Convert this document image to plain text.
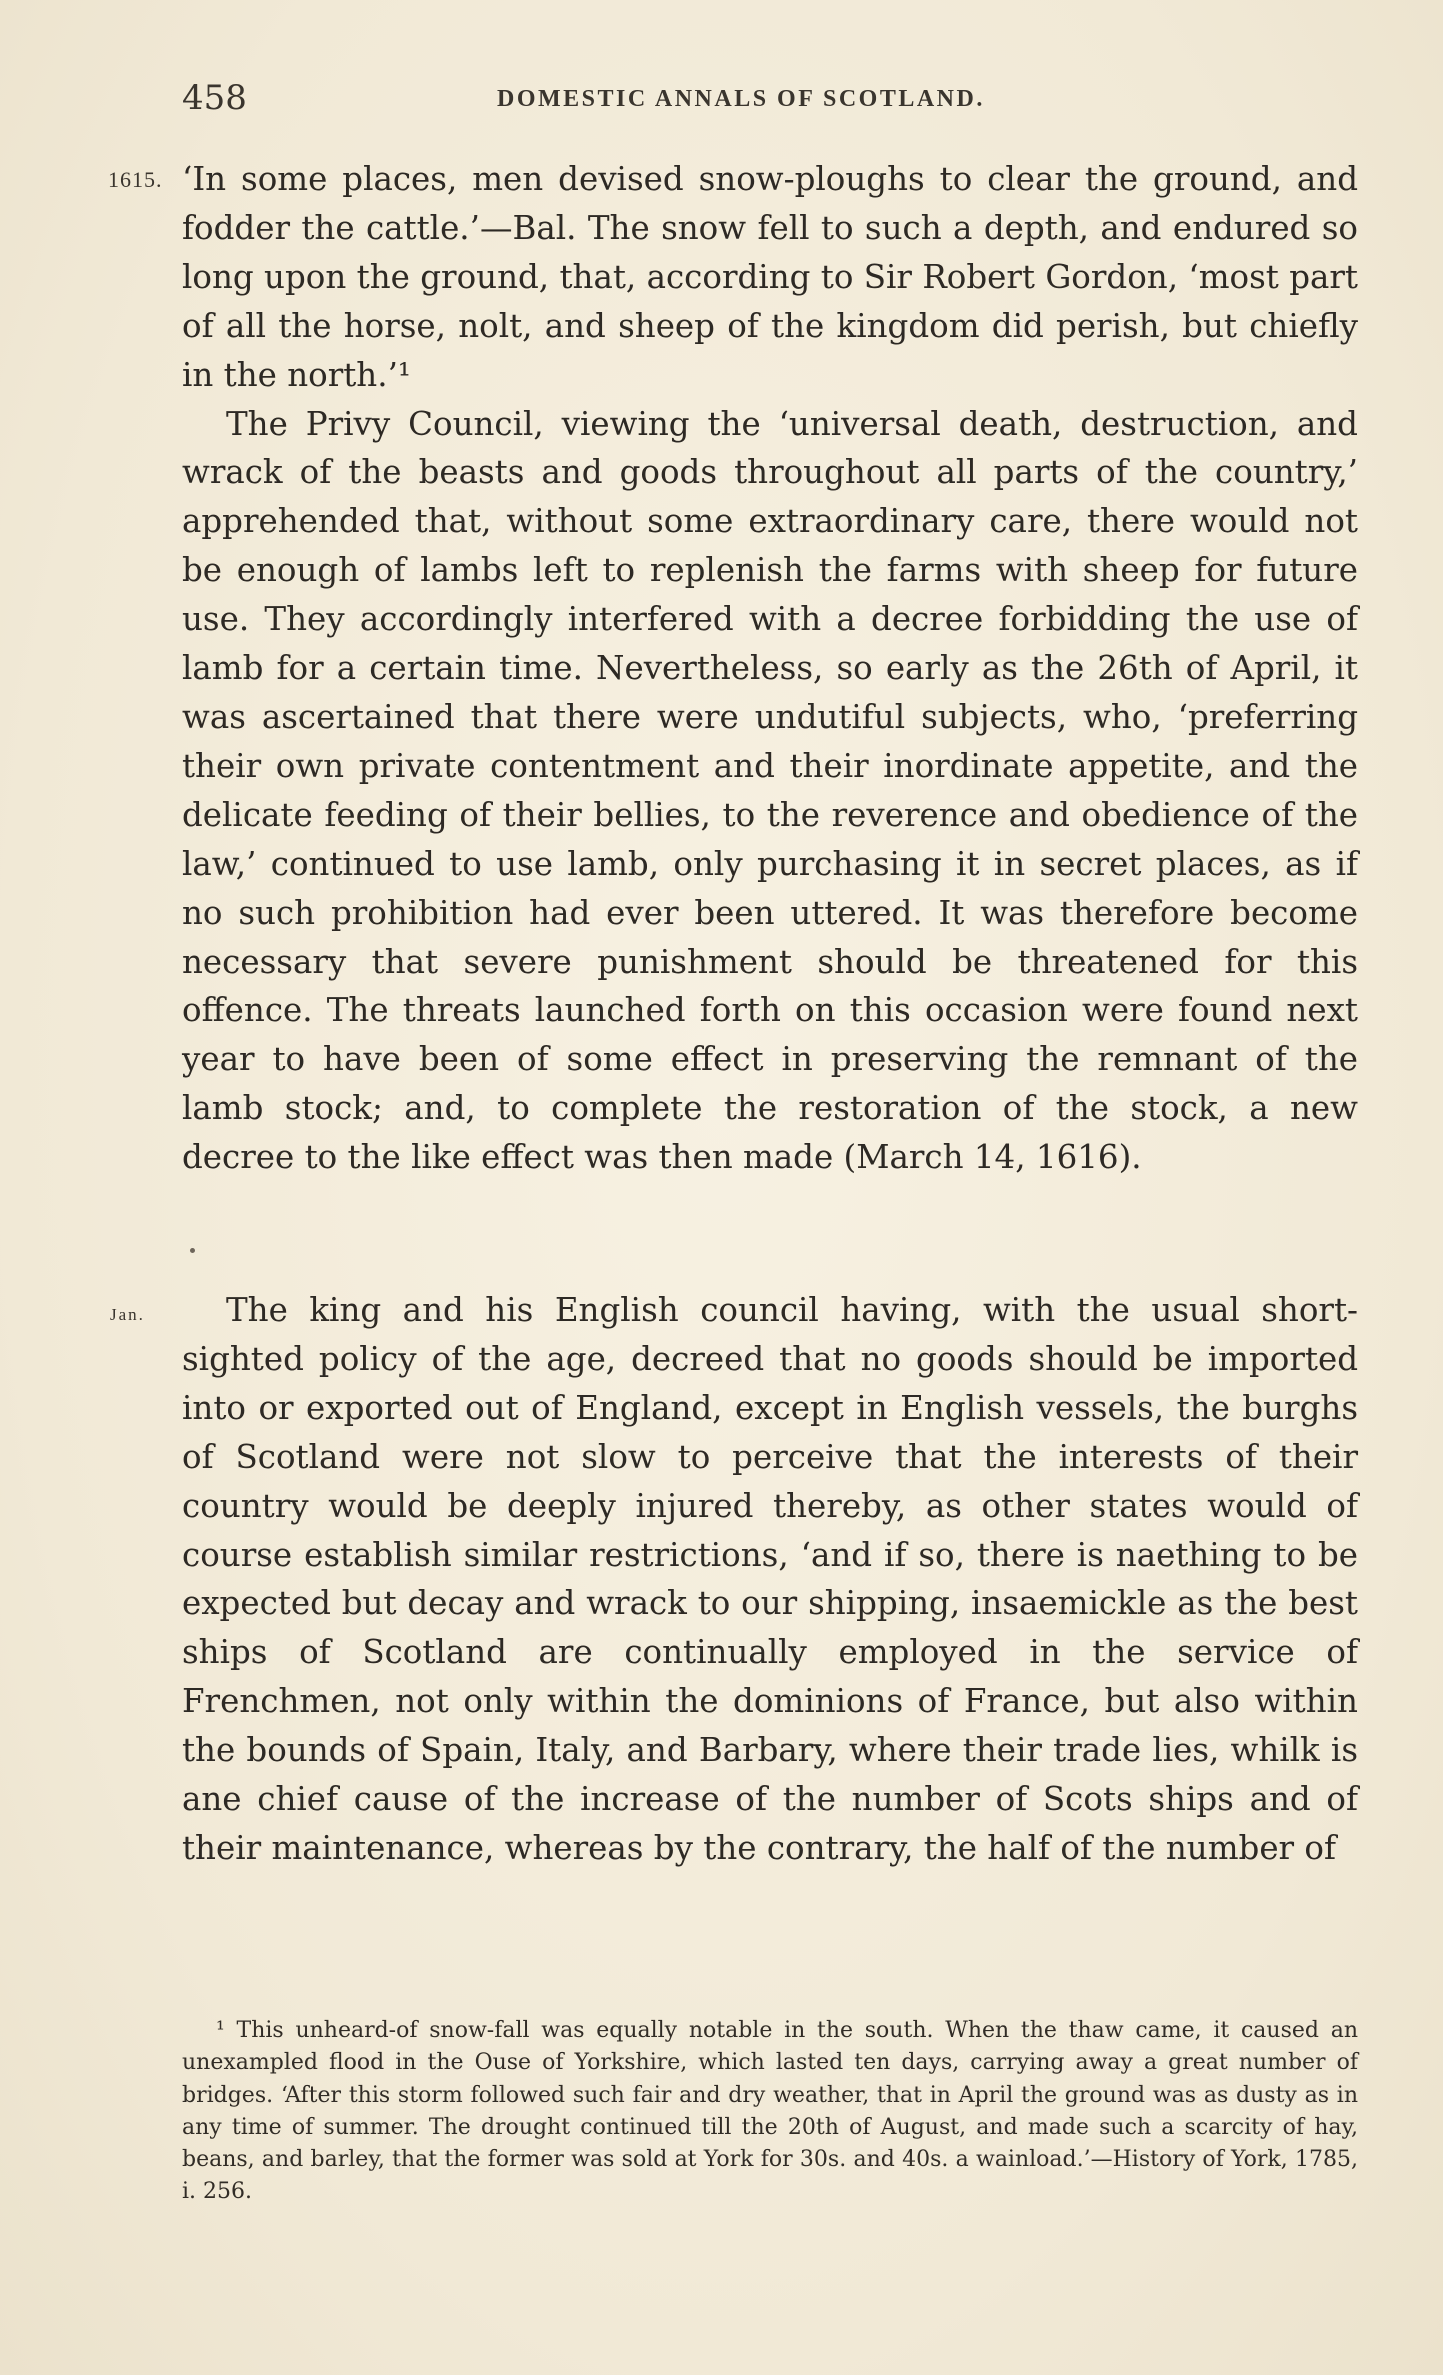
458	DOMESTIC ANNALS OF SCOTLAND.
1615.
Jan.

‘In some places, men devised snow-ploughs to clear the ground, and fodder the cattle.’—Bal. The snow fell to such a depth, and endured so long upon the ground, that, according to Sir Robert Gordon, ‘most part of all the horse, nolt, and sheep of the kingdom did perish, but chiefly in the north.’¹

The Privy Council, viewing the ‘universal death, destruction, and wrack of the beasts and goods throughout all parts of the country,’ apprehended that, without some extraordinary care, there would not be enough of lambs left to replenish the farms with sheep for future use. They accordingly interfered with a decree forbidding the use of lamb for a certain time. Nevertheless, so early as the 26th of April, it was ascertained that there were undutiful subjects, who, ‘preferring their own private contentment and their inordinate appetite, and the delicate feeding of their bellies, to the reverence and obedience of the law,’ continued to use lamb, only purchasing it in secret places, as if no such prohibition had ever been uttered. It was therefore become necessary that severe punishment should be threatened for this offence. The threats launched forth on this occasion were found next year to have been of some effect in preserving the remnant of the lamb stock; and, to complete the restoration of the stock, a new decree to the like effect was then made (March 14, 1616).

The king and his English council having, with the usual short-sighted policy of the age, decreed that no goods should be imported into or exported out of England, except in English vessels, the burghs of Scotland were not slow to perceive that the interests of their country would be deeply injured thereby, as other states would of course establish similar restrictions, ‘and if so, there is naething to be expected but decay and wrack to our shipping, insaemickle as the best ships of Scotland are continually employed in the service of Frenchmen, not only within the dominions of France, but also within the bounds of Spain, Italy, and Barbary, where their trade lies, whilk is ane chief cause of the increase of the number of Scots ships and of their maintenance, whereas by the contrary, the half of the number of

¹ This unheard-of snow-fall was equally notable in the south. When the thaw came, it caused an unexampled flood in the Ouse of Yorkshire, which lasted ten days, carrying away a great number of bridges. ‘After this storm followed such fair and dry weather, that in April the ground was as dusty as in any time of summer. The drought continued till the 20th of August, and made such a scarcity of hay, beans, and barley, that the former was sold at York for 30s. and 40s. a wainload.’—History of York, 1785, i. 256.
